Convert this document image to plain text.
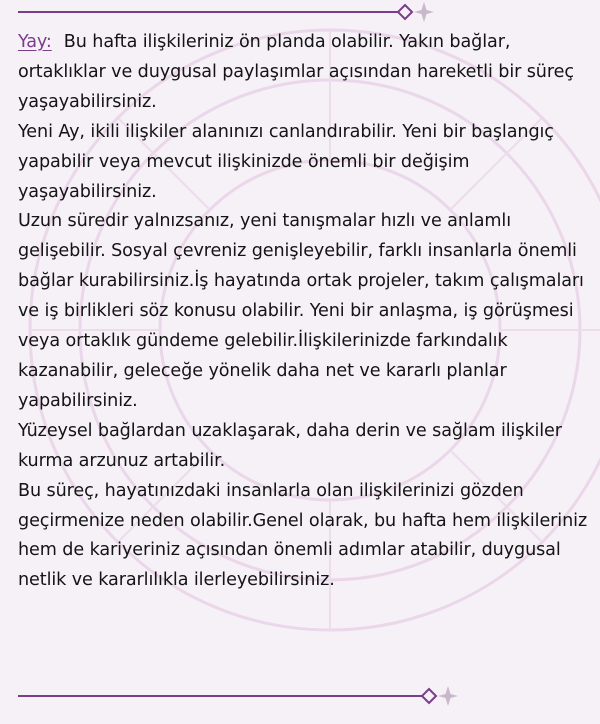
Yay: Bu hafta ilişkileriniz ön planda olabilir. Yakın bağlar, ortaklıklar ve duygusal paylaşımlar açısından hareketli bir süreç yaşayabilirsiniz.

Yeni Ay, ikili ilişkiler alanınızı canlandırabilir. Yeni bir başlangıç yapabilir veya mevcut ilişkinizde önemli bir değişim yaşayabilirsiniz.

Uzun süredir yalnızsanız, yeni tanışmalar hızlı ve anlamlı gelişebilir. Sosyal çevreniz genişleyebilir, farklı insanlarla önemli bağlar kurabilirsiniz.İş hayatında ortak projeler, takım çalışmaları ve iş birlikleri söz konusu olabilir. Yeni bir anlaşma, iş görüşmesi veya ortaklık gündeme gelebilir.İlişkilerinizde farkındalık kazanabilir, geleceğe yönelik daha net ve kararlı planlar yapabilirsiniz.

Yüzeysel bağlardan uzaklaşarak, daha derin ve sağlam ilişkiler kurma arzunuz artabilir.

Bu süreç, hayatınızdaki insanlarla olan ilişkilerinizi gözden geçirmenize neden olabilir.Genel olarak, bu hafta hem ilişkileriniz hem de kariyeriniz açısından önemli adımlar atabilir, duygusal netlik ve kararlılıkla ilerleyebilirsiniz.
